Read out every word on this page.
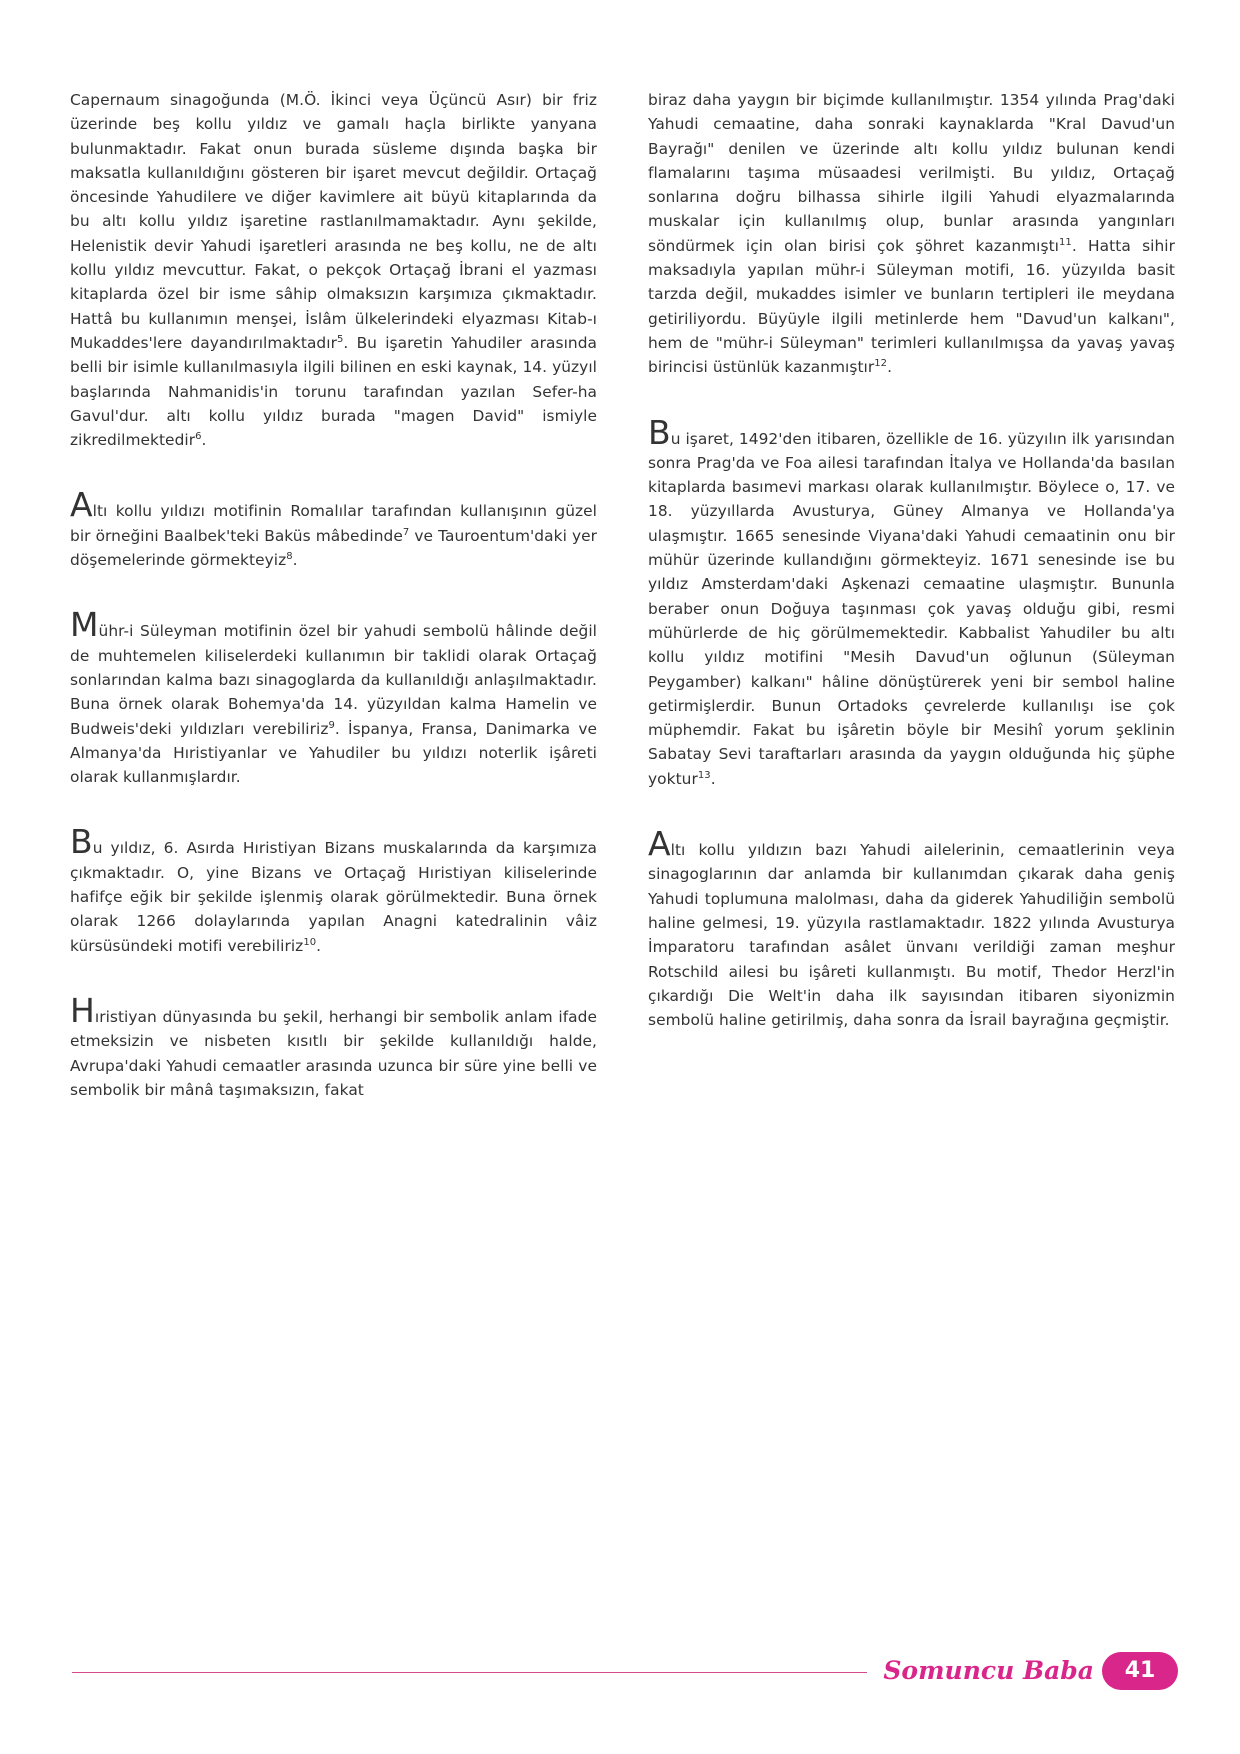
Capernaum sinagoğunda (M.Ö. İkinci veya Üçüncü Asır) bir friz üzerinde beş kollu yıldız ve gamalı haçla birlikte yanyana bulunmaktadır. Fakat onun burada süsleme dışında başka bir maksatla kullanıldığını gösteren bir işaret mevcut değildir. Ortaçağ öncesinde Yahudilere ve diğer kavimlere ait büyü kitaplarında da bu altı kollu yıldız işaretine rastlanılmamaktadır. Aynı şekilde, Helenistik devir Yahudi işaretleri arasında ne beş kollu, ne de altı kollu yıldız mevcuttur. Fakat, o pekçok Ortaçağ İbrani el yazması kitaplarda özel bir isme sâhip olmaksızın karşımıza çıkmaktadır. Hattâ bu kullanımın menşei, İslâm ülkelerindeki elyazması Kitab-ı Mukaddes'lere dayandırılmaktadır$^5$. Bu işaretin Yahudiler arasında belli bir isimle kullanılmasıyla ilgili bilinen en eski kaynak, 14. yüzyıl başlarında Nahmanidis'in torunu tarafından yazılan Sefer-ha Gavul'dur. altı kollu yıldız burada "magen David" ismiyle zikredilmektedir$^6$.

Altı kollu yıldızı motifinin Romalılar tarafından kullanışının güzel bir örneğini Baalbek'teki Baküs mâbedinde$^7$ ve Tauroentum'daki yer döşemelerinde görmekteyiz$^8$.

Mühr-i Süleyman motifinin özel bir yahudi sembolü hâlinde değil de muhtemelen kiliselerdeki kullanımın bir taklidi olarak Ortaçağ sonlarından kalma bazı sinagoglarda da kullanıldığı anlaşılmaktadır. Buna örnek olarak Bohemya'da 14. yüzyıldan kalma Hamelin ve Budweis'deki yıldızları verebiliriz$^9$. İspanya, Fransa, Danimarka ve Almanya'da Hıristiyanlar ve Yahudiler bu yıldızı noterlik işâreti olarak kullanmışlardır.

Bu yıldız, 6. Asırda Hıristiyan Bizans muskalarında da karşımıza çıkmaktadır. O, yine Bizans ve Ortaçağ Hıristiyan kiliselerinde hafifçe eğik bir şekilde işlenmiş olarak görülmektedir. Buna örnek olarak 1266 dolaylarında yapılan Anagni katedralinin vâiz kürsüsündeki motifi verebiliriz$^{10}$.

Hıristiyan dünyasında bu şekil, herhangi bir sembolik anlam ifade etmeksizin ve nisbeten kısıtlı bir şekilde kullanıldığı halde, Avrupa'daki Yahudi cemaatler arasında uzunca bir süre yine belli ve sembolik bir mânâ taşımaksızın, fakat

biraz daha yaygın bir biçimde kullanılmıştır. 1354 yılında Prag'daki Yahudi cemaatine, daha sonraki kaynaklarda "Kral Davud'un Bayrağı" denilen ve üzerinde altı kollu yıldız bulunan kendi flamalarını taşıma müsaadesi verilmişti. Bu yıldız, Ortaçağ sonlarına doğru bilhassa sihirle ilgili Yahudi elyazmalarında muskalar için kullanılmış olup, bunlar arasında yangınları söndürmek için olan birisi çok şöhret kazanmıştı$^{11}$. Hatta sihir maksadıyla yapılan mühr-i Süleyman motifi, 16. yüzyılda basit tarzda değil, mukaddes isimler ve bunların tertipleri ile meydana getiriliyordu. Büyüyle ilgili metinlerde hem "Davud'un kalkanı", hem de "mühr-i Süleyman" terimleri kullanılmışsa da yavaş yavaş birincisi üstünlük kazanmıştır$^{12}$.

Bu işaret, 1492'den itibaren, özellikle de 16. yüzyılın ilk yarısından sonra Prag'da ve Foa ailesi tarafından İtalya ve Hollanda'da basılan kitaplarda basımevi markası olarak kullanılmıştır. Böylece o, 17. ve 18. yüzyıllarda Avusturya, Güney Almanya ve Hollanda'ya ulaşmıştır. 1665 senesinde Viyana'daki Yahudi cemaatinin onu bir mühür üzerinde kullandığını görmekteyiz. 1671 senesinde ise bu yıldız Amsterdam'daki Aşkenazi cemaatine ulaşmıştır. Bununla beraber onun Doğuya taşınması çok yavaş olduğu gibi, resmi mühürlerde de hiç görülmemektedir. Kabbalist Yahudiler bu altı kollu yıldız motifini "Mesih Davud'un oğlunun (Süleyman Peygamber) kalkanı" hâline dönüştürerek yeni bir sembol haline getirmişlerdir. Bunun Ortadoks çevrelerde kullanılışı ise çok müphemdir. Fakat bu işâretin böyle bir Mesihî yorum şeklinin Sabatay Sevi taraftarları arasında da yaygın olduğunda hiç şüphe yoktur$^{13}$.

Altı kollu yıldızın bazı Yahudi ailelerinin, cemaatlerinin veya sinagoglarının dar anlamda bir kullanımdan çıkarak daha geniş Yahudi toplumuna malolması, daha da giderek Yahudiliğin sembolü haline gelmesi, 19. yüzyıla rastlamaktadır. 1822 yılında Avusturya İmparatoru tarafından asâlet ünvanı verildiği zaman meşhur Rotschild ailesi bu işâreti kullanmıştı. Bu motif, Thedor Herzl'in çıkardığı Die Welt'in daha ilk sayısından itibaren siyonizmin sembolü haline getirilmiş, daha sonra da İsrail bayrağına geçmiştir.

Somuncu Baba	41
